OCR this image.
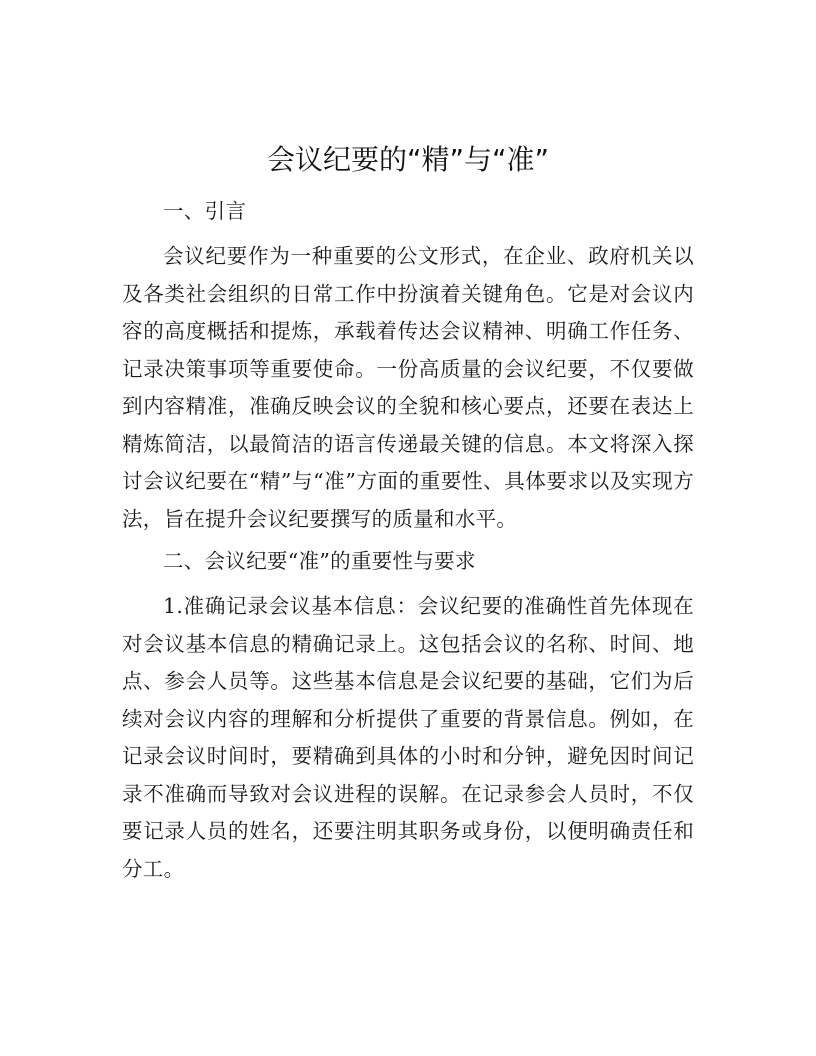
会议纪要的“精”与“准”

一、引言

会议纪要作为一种重要的公文形式，在企业、政府机关以及各类社会组织的日常工作中扮演着关键角色。它是对会议内容的高度概括和提炼，承载着传达会议精神、明确工作任务、记录决策事项等重要使命。一份高质量的会议纪要，不仅要做到内容精准，准确反映会议的全貌和核心要点，还要在表达上精炼简洁，以最简洁的语言传递最关键的信息。本文将深入探讨会议纪要在“精”与“准”方面的重要性、具体要求以及实现方法，旨在提升会议纪要撰写的质量和水平。

二、会议纪要“准”的重要性与要求

1.准确记录会议基本信息：会议纪要的准确性首先体现在对会议基本信息的精确记录上。这包括会议的名称、时间、地点、参会人员等。这些基本信息是会议纪要的基础，它们为后续对会议内容的理解和分析提供了重要的背景信息。例如，在记录会议时间时，要精确到具体的小时和分钟，避免因时间记录不准确而导致对会议进程的误解。在记录参会人员时，不仅要记录人员的姓名，还要注明其职务或身份，以便明确责任和分工。
